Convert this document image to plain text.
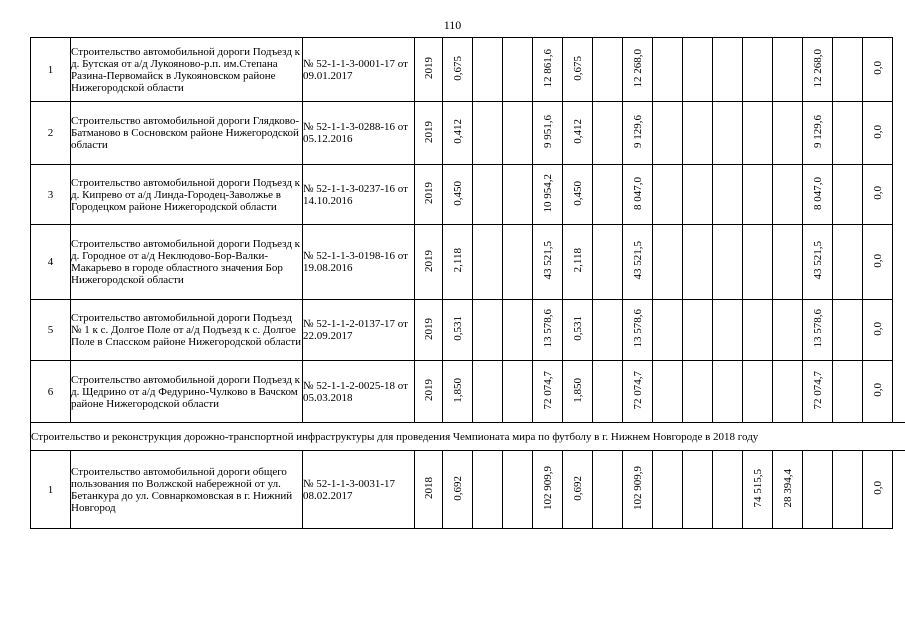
110
1	Строительство автомобильной дороги Подъезд к д. Бутская от а/д Лукояново-р.п. им.Степана Разина-Первомайск в Лукояновском районе Нижегородской области	№ 52-1-1-3-0001-17 от 09.01.2017	2019	0,675			12 861,6	0,675		12 268,0						12 268,0		0,0
2	Строительство автомобильной дороги Глядково-Батманово в Сосновском районе Нижегородской области	№ 52-1-1-3-0288-16 от 05.12.2016	2019	0,412			9 951,6	0,412		9 129,6						9 129,6		0,0
3	Строительство автомобильной дороги Подъезд к д. Кипрево от а/д Линда-Городец-Заволжье в Городецком районе Нижегородской области	№ 52-1-1-3-0237-16 от 14.10.2016	2019	0,450			10 954,2	0,450		8 047,0						8 047,0		0,0
4	Строительство автомобильной дороги Подъезд к д. Городное от а/д Неклюдово-Бор-Валки-Макарьево в городе областного значения Бор Нижегородской области	№ 52-1-1-3-0198-16 от 19.08.2016	2019	2,118			43 521,5	2,118		43 521,5						43 521,5		0,0
5	Строительство автомобильной дороги Подъезд № 1 к с. Долгое Поле от а/д Подъезд к с. Долгое Поле в Спасском районе Нижегородской области	№ 52-1-1-2-0137-17 от 22.09.2017	2019	0,531			13 578,6	0,531		13 578,6						13 578,6		0,0
6	Строительство автомобильной дороги Подъезд к д. Щедрино от а/д Федурино-Чулково в Вачском районе Нижегородской области	№ 52-1-1-2-0025-18 от 05.03.2018	2019	1,850			72 074,7	1,850		72 074,7						72 074,7		0,0
Строительство и реконструкция дорожно-транспортной инфраструктуры для проведения Чемпионата мира по футболу в г. Нижнем Новгороде в 2018 году																		
1	Строительство автомобильной дороги общего пользования по Волжской набережной от ул. Бетанкура до ул. Совнаркомовская в г. Нижний Новгород	№ 52-1-1-3-0031-17 08.02.2017	2018	0,692			102 909,9	0,692		102 909,9				74 515,5	28 394,4			0,0
